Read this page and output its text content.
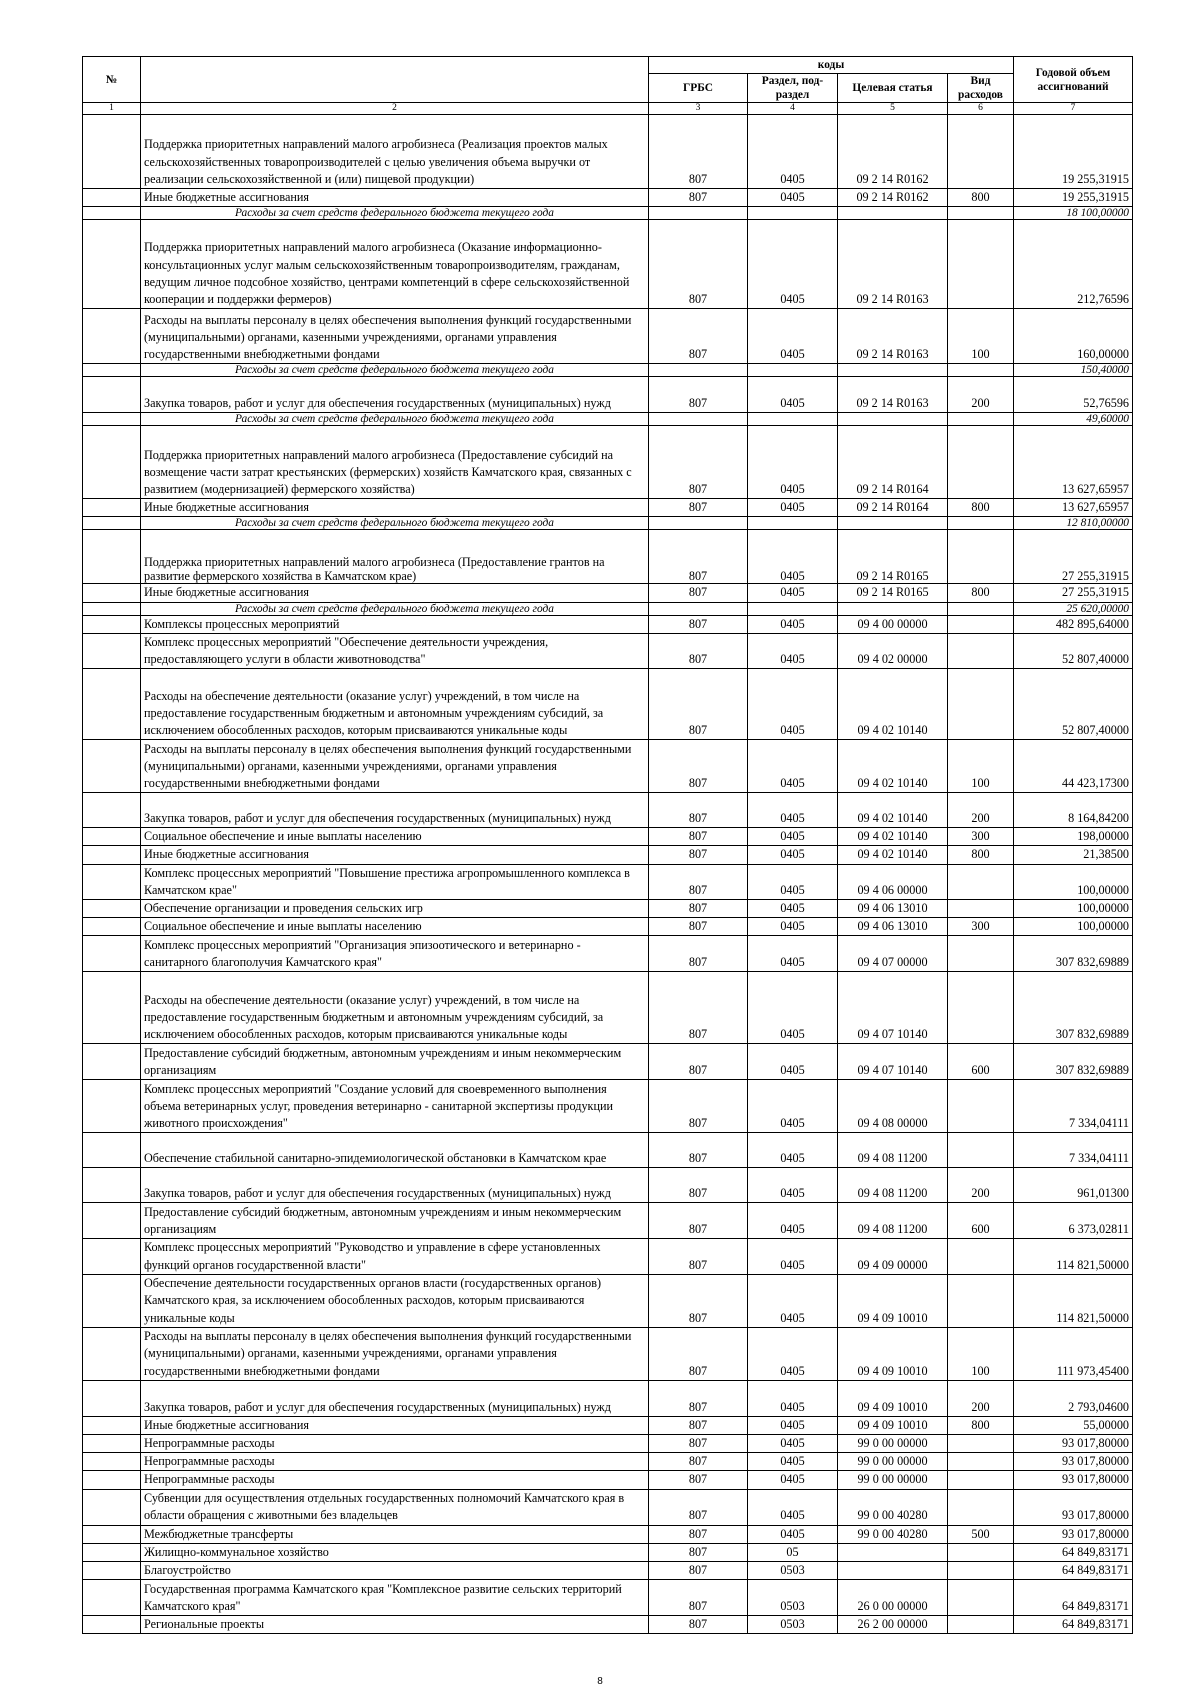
№		коды				Годовой объем ассигнований
		ГРБС	Раздел, под-раздел	Целевая статья	Вид расходов	
1	2	3	4	5	6	7
	Поддержка приоритетных направлений малого агробизнеса (Реализация проектов малых сельскохозяйственных товаропроизводителей с целью увеличения объема выручки от реализации сельскохозяйственной и (или) пищевой продукции)	807	0405	09 2 14 R0162		19 255,31915
	Иные бюджетные ассигнования	807	0405	09 2 14 R0162	800	19 255,31915
	Расходы за счет средств федерального бюджета текущего года					18 100,00000
	Поддержка приоритетных направлений малого агробизнеса (Оказание информационно-консультационных услуг малым сельскохозяйственным товаропроизводителям, гражданам, ведущим личное подсобное хозяйство, центрами компетенций в сфере сельскохозяйственной кооперации и поддержки фермеров)	807	0405	09 2 14 R0163		212,76596
	Расходы на выплаты персоналу в целях обеспечения выполнения функций государственными (муниципальными) органами, казенными учреждениями, органами управления государственными внебюджетными фондами	807	0405	09 2 14 R0163	100	160,00000
	Расходы за счет средств федерального бюджета текущего года					150,40000
	Закупка товаров, работ и услуг для обеспечения государственных (муниципальных) нужд	807	0405	09 2 14 R0163	200	52,76596
	Расходы за счет средств федерального бюджета текущего года					49,60000
	Поддержка приоритетных направлений малого агробизнеса (Предоставление субсидий на возмещение части затрат крестьянских (фермерских) хозяйств Камчатского края, связанных с развитием (модернизацией) фермерского хозяйства)	807	0405	09 2 14 R0164		13 627,65957
	Иные бюджетные ассигнования	807	0405	09 2 14 R0164	800	13 627,65957
	Расходы за счет средств федерального бюджета текущего года					12 810,00000
	Поддержка приоритетных направлений малого агробизнеса (Предоставление грантов на развитие фермерского хозяйства в Камчатском крае)	807	0405	09 2 14 R0165		27 255,31915
	Иные бюджетные ассигнования	807	0405	09 2 14 R0165	800	27 255,31915
	Расходы за счет средств федерального бюджета текущего года					25 620,00000
	Комплексы процессных мероприятий	807	0405	09 4 00 00000		482 895,64000
	Комплекс процессных мероприятий "Обеспечение деятельности учреждения, предоставляющего услуги в области животноводства"	807	0405	09 4 02 00000		52 807,40000
	Расходы на обеспечение деятельности (оказание услуг) учреждений, в том числе на предоставление государственным бюджетным и автономным учреждениям субсидий, за исключением обособленных расходов, которым присваиваются уникальные коды	807	0405	09 4 02 10140		52 807,40000
	Расходы на выплаты персоналу в целях обеспечения выполнения функций государственными (муниципальными) органами, казенными учреждениями, органами управления государственными внебюджетными фондами	807	0405	09 4 02 10140	100	44 423,17300
	Закупка товаров, работ и услуг для обеспечения государственных (муниципальных) нужд	807	0405	09 4 02 10140	200	8 164,84200
	Социальное обеспечение и иные выплаты населению	807	0405	09 4 02 10140	300	198,00000
	Иные бюджетные ассигнования	807	0405	09 4 02 10140	800	21,38500
	Комплекс процессных мероприятий "Повышение престижа агропромышленного комплекса в Камчатском крае"	807	0405	09 4 06 00000		100,00000
	Обеспечение организации и проведения сельских игр	807	0405	09 4 06 13010		100,00000
	Социальное обеспечение и иные выплаты населению	807	0405	09 4 06 13010	300	100,00000
	Комплекс процессных мероприятий "Организация эпизоотического и ветеринарно - санитарного благополучия Камчатского края"	807	0405	09 4 07 00000		307 832,69889
	Расходы на обеспечение деятельности (оказание услуг) учреждений, в том числе на предоставление государственным бюджетным и автономным учреждениям субсидий, за исключением обособленных расходов, которым присваиваются уникальные коды	807	0405	09 4 07 10140		307 832,69889
	Предоставление субсидий бюджетным, автономным учреждениям и иным некоммерческим организациям	807	0405	09 4 07 10140	600	307 832,69889
	Комплекс процессных мероприятий "Создание условий для своевременного выполнения объема ветеринарных услуг, проведения ветеринарно - санитарной экспертизы продукции животного происхождения"	807	0405	09 4 08 00000		7 334,04111
	Обеспечение стабильной санитарно-эпидемиологической обстановки в Камчатском крае	807	0405	09 4 08 11200		7 334,04111
	Закупка товаров, работ и услуг для обеспечения государственных (муниципальных) нужд	807	0405	09 4 08 11200	200	961,01300
	Предоставление субсидий бюджетным, автономным учреждениям и иным некоммерческим организациям	807	0405	09 4 08 11200	600	6 373,02811
	Комплекс процессных мероприятий "Руководство и управление в сфере установленных функций органов государственной власти"	807	0405	09 4 09 00000		114 821,50000
	Обеспечение деятельности государственных органов власти (государственных органов) Камчатского края, за исключением обособленных расходов, которым присваиваются уникальные коды	807	0405	09 4 09 10010		114 821,50000
	Расходы на выплаты персоналу в целях обеспечения выполнения функций государственными (муниципальными) органами, казенными учреждениями, органами управления государственными внебюджетными фондами	807	0405	09 4 09 10010	100	111 973,45400
	Закупка товаров, работ и услуг для обеспечения государственных (муниципальных) нужд	807	0405	09 4 09 10010	200	2 793,04600
	Иные бюджетные ассигнования	807	0405	09 4 09 10010	800	55,00000
	Непрограммные расходы	807	0405	99 0 00 00000		93 017,80000
	Непрограммные расходы	807	0405	99 0 00 00000		93 017,80000
	Непрограммные расходы	807	0405	99 0 00 00000		93 017,80000
	Субвенции для осуществления отдельных государственных полномочий Камчатского края в области обращения с животными без владельцев	807	0405	99 0 00 40280		93 017,80000
	Межбюджетные трансферты	807	0405	99 0 00 40280	500	93 017,80000
	Жилищно-коммунальное хозяйство	807	05			64 849,83171
	Благоустройство	807	0503			64 849,83171
	Государственная программа Камчатского края "Комплексное развитие сельских территорий Камчатского края"	807	0503	26 0 00 00000		64 849,83171
	Региональные проекты	807	0503	26 2 00 00000		64 849,83171
8
